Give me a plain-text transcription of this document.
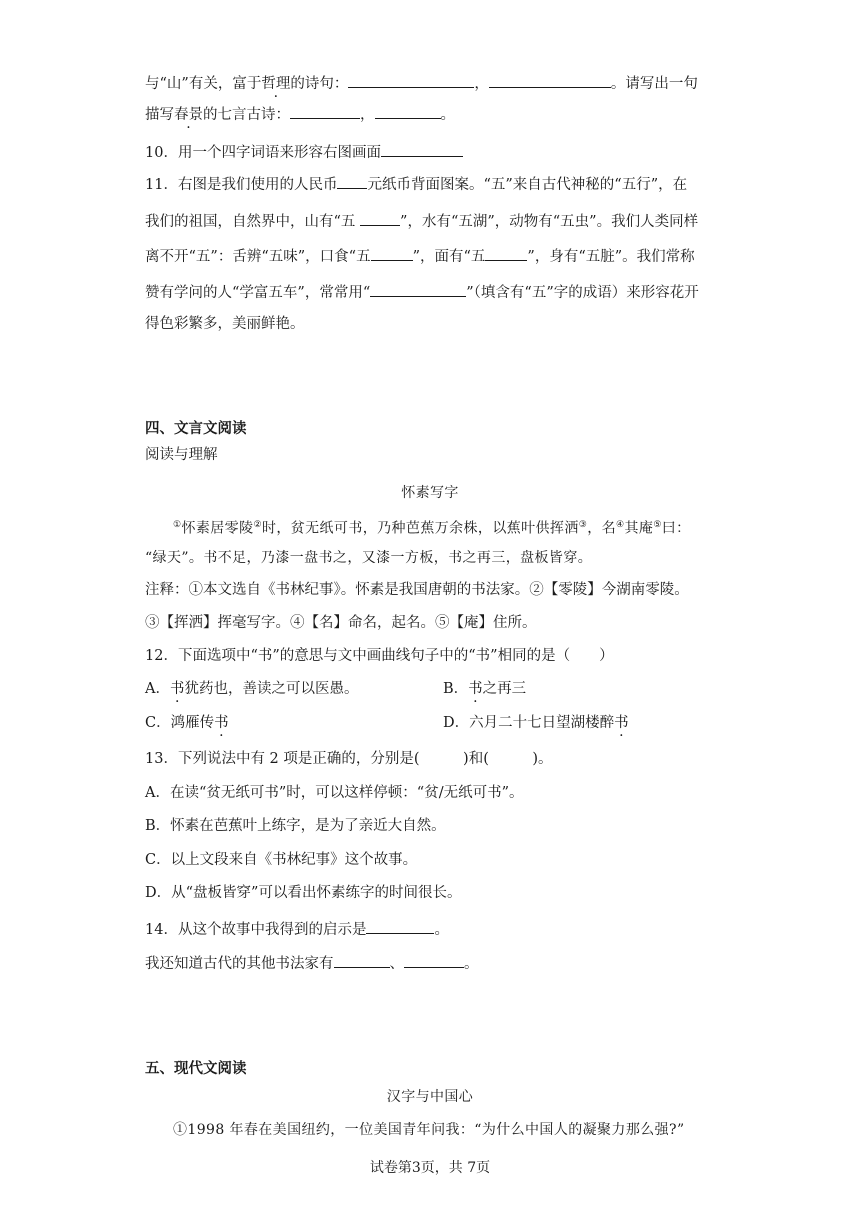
与“山”有关，富于哲理的诗句：	，	。请写出一句
描写春景的七言古诗：	，	。
10．用一个四字词语来形容右图画面
11．右图是我们使用的人民币 元纸币背面图案。“五”来自古代神秘的“五行”，在
我们的祖国，自然界中，山有“五	”，水有“五湖”，动物有“五虫”。我们人类同样
离不开“五”：舌辨“五味”，口食“五	”，面有“五	”，身有“五脏”。我们常称
赞有学问的人“学富五车”，常常用“	”（填含有“五”字的成语）来形容花开
得色彩繁多，美丽鲜艳。
四、文言文阅读
阅读与理解
怀素写字
①怀素居零陵②时，贫无纸可书，乃种芭蕉万余株，以蕉叶供挥洒③，名④其庵⑤曰：
“绿天”。书不足，乃漆一盘书之，又漆一方板，书之再三，盘板皆穿。
注释：①本文选自《书林纪事》。怀素是我国唐朝的书法家。②【零陵】今湖南零陵。
③【挥洒】挥毫写字。④【名】命名，起名。⑤【庵】住所。
12．下面选项中“书”的意思与文中画曲线句子中的“书”相同的是（　　）
A．书犹药也，善读之可以医愚。	B．书之再三
C．鸿雁传书	D．六月二十七日望湖楼醉书
13．下列说法中有 2 项是正确的，分别是(　　　)和(　　　)。
A．在读“贫无纸可书”时，可以这样停顿：“贫/无纸可书”。
B．怀素在芭蕉叶上练字，是为了亲近大自然。
C．以上文段来自《书林纪事》这个故事。
D．从“盘板皆穿”可以看出怀素练字的时间很长。
14．从这个故事中我得到的启示是	。
我还知道古代的其他书法家有	、	。
五、现代文阅读
汉字与中国心
①1998 年春在美国纽约，一位美国青年问我：“为什么中国人的凝聚力那么强?”
试卷第3页，共 7页
